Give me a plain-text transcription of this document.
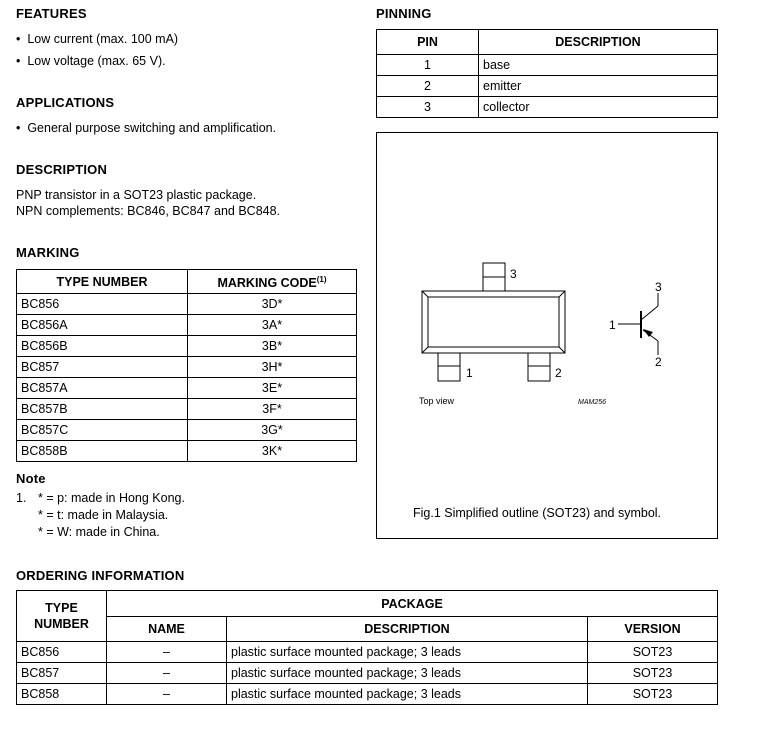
FEATURES
•  Low current (max. 100 mA)
•  Low voltage (max. 65 V).
APPLICATIONS
•  General purpose switching and amplification.
DESCRIPTION
PNP transistor in a SOT23 plastic package.
NPN complements: BC846, BC847 and BC848.
MARKING
TYPE NUMBER	MARKING CODE$^{(1)}$
BC856	3D*
BC856A	3A*
BC856B	3B*
BC857	3H*
BC857A	3E*
BC857B	3F*
BC857C	3G*
BC858B	3K*
Note
1. * = p: made in Hong Kong.
* = t: made in Malaysia.
* = W: made in China.
PINNING
PIN	DESCRIPTION
1	base
2	emitter
3	collector
3
1	2
3
1
2
Top view	MAM256
Fig.1 Simplified outline (SOT23) and symbol.
ORDERING INFORMATION
TYPE NUMBER	PACKAGE		
	NAME	DESCRIPTION	VERSION
BC856	–	plastic surface mounted package; 3 leads	SOT23
BC857	–	plastic surface mounted package; 3 leads	SOT23
BC858	–	plastic surface mounted package; 3 leads	SOT23
